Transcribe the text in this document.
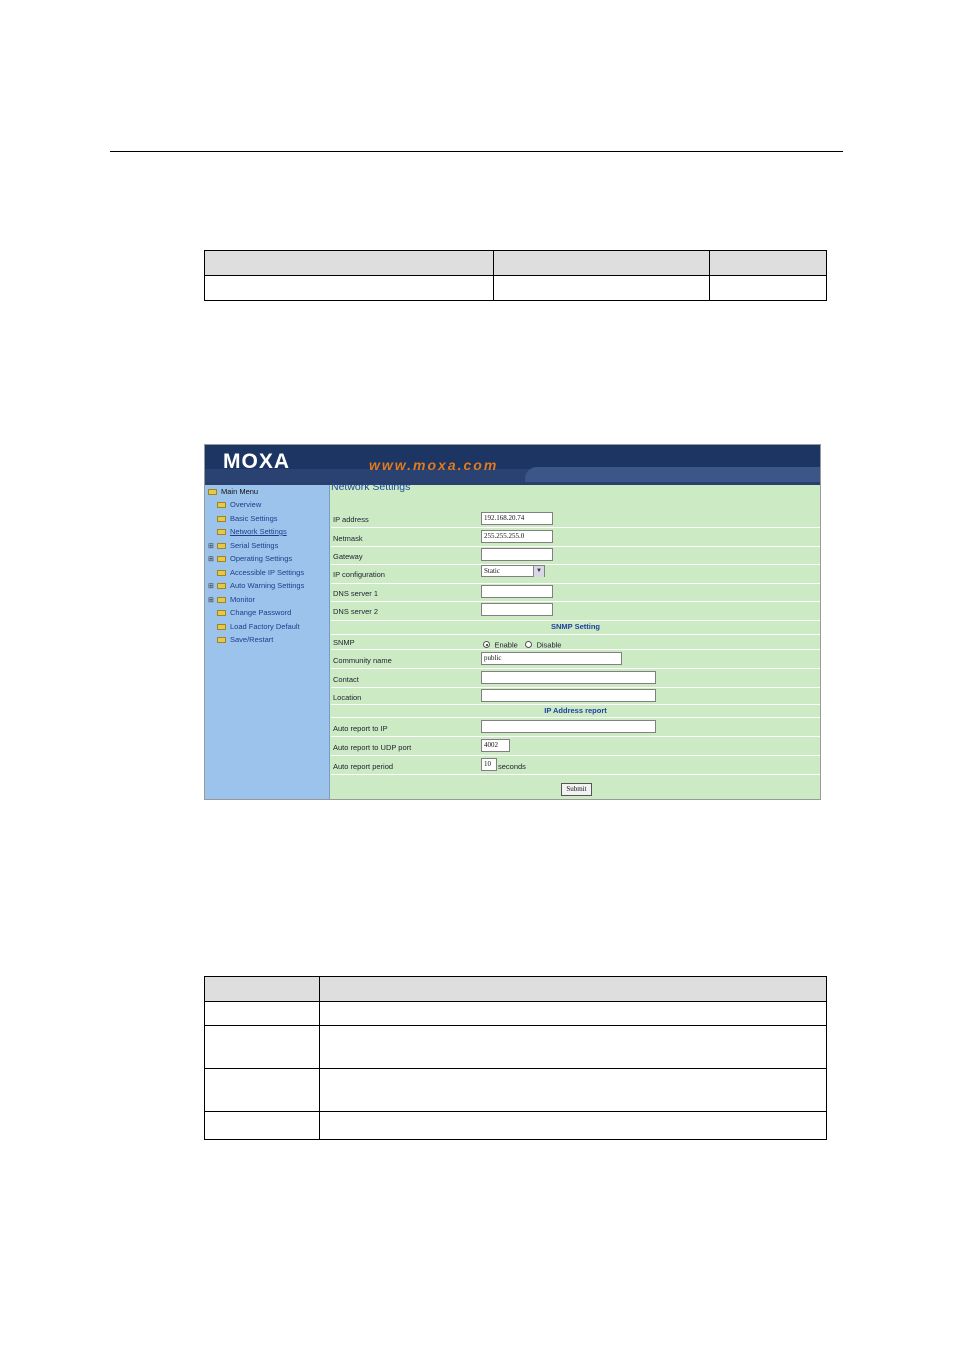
MOXA	www.moxa.com
Main Menu
Overview
Basic Settings
Network Settings
⊞ Serial Settings
⊞ Operating Settings
Accessible IP Settings
⊞ Auto Warning Settings
⊞ Monitor
Change Password
Load Factory Default
Save/Restart
Network Settings
IP address	192.168.20.74
Netmask	255.255.255.0
Gateway
IP configuration	Static	▼
DNS server 1
DNS server 2
SNMP Setting
SNMP	Enable	Disable
Community name	public
Contact
Location
IP Address report
Auto report to IP
Auto report to UDP port	4002
Auto report period	10 seconds
Submit
